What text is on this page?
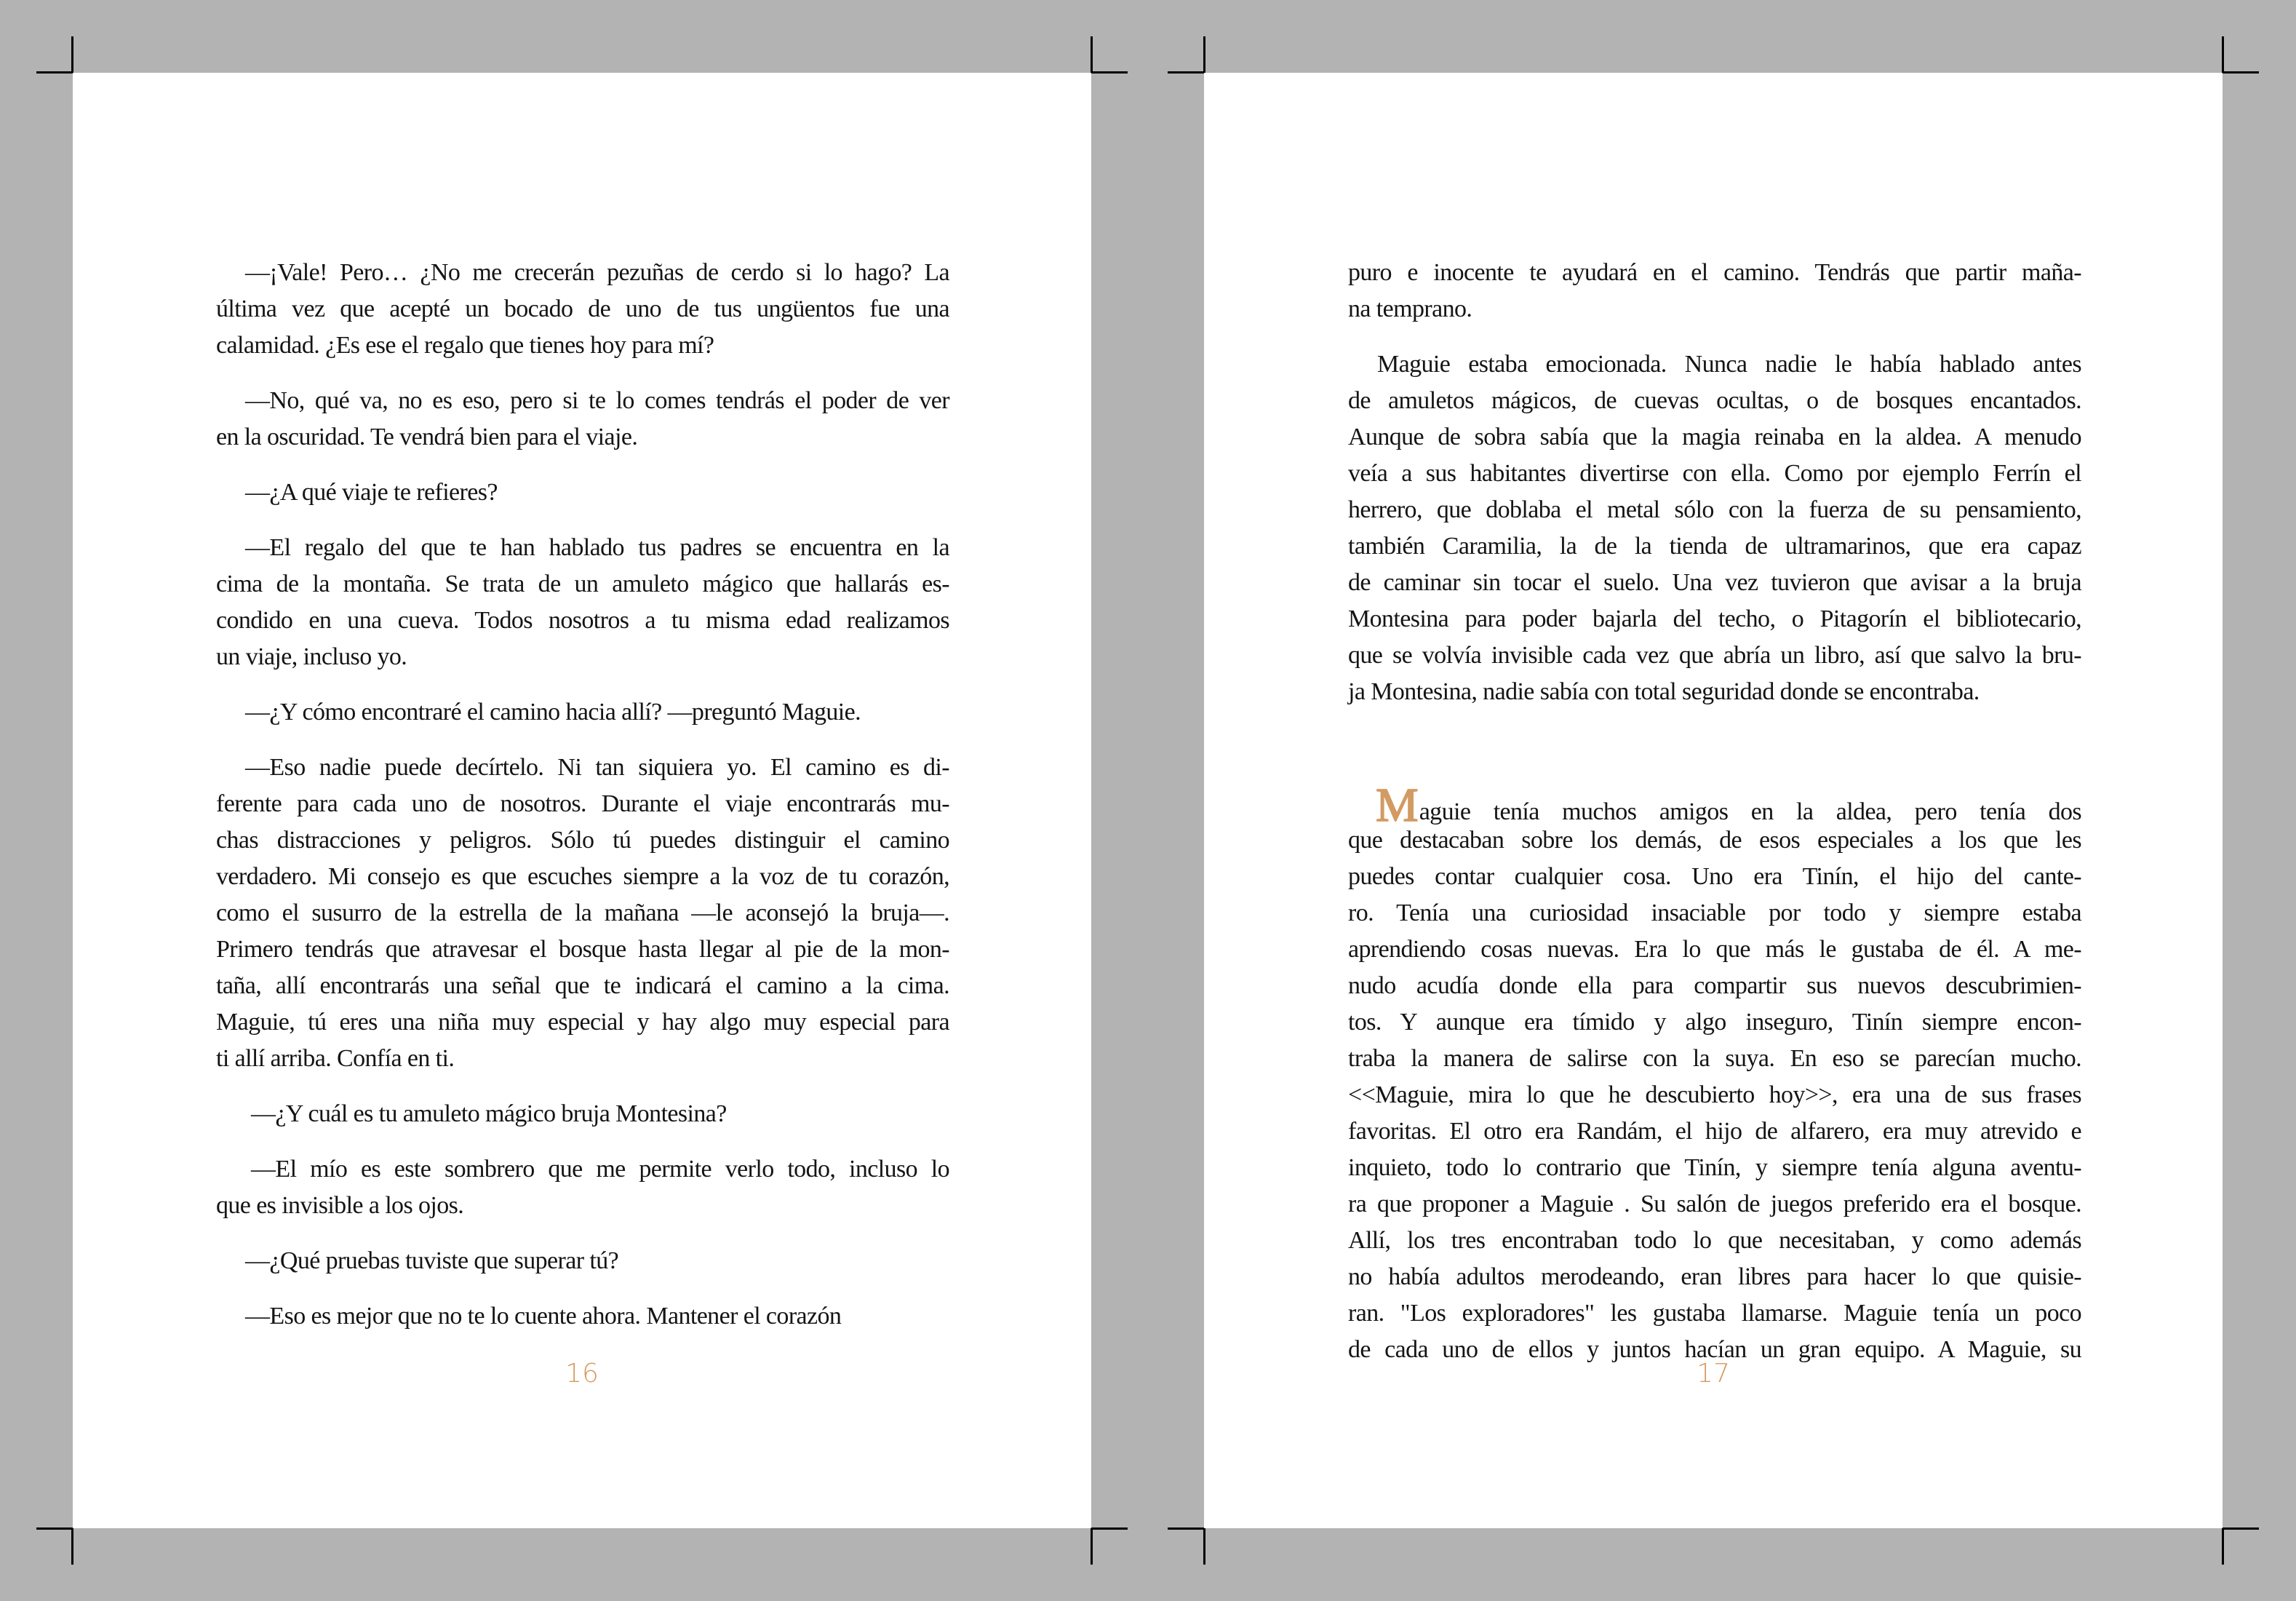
—¡Vale! Pero… ¿No me crecerán pezuñas de cerdo si lo hago? La
última vez que acepté un bocado de uno de tus ungüentos fue una
calamidad. ¿Es ese el regalo que tienes hoy para mí?
—No, qué va, no es eso, pero si te lo comes tendrás el poder de ver
en la oscuridad. Te vendrá bien para el viaje.
—¿A qué viaje te refieres?
—El regalo del que te han hablado tus padres se encuentra en la
cima de la montaña. Se trata de un amuleto mágico que hallarás es-
condido en una cueva. Todos nosotros a tu misma edad realizamos
un viaje, incluso yo.
—¿Y cómo encontraré el camino hacia allí? —preguntó Maguie.
—Eso nadie puede decírtelo. Ni tan siquiera yo. El camino es di-
ferente para cada uno de nosotros. Durante el viaje encontrarás mu-
chas distracciones y peligros. Sólo tú puedes distinguir el camino
verdadero. Mi consejo es que escuches siempre a la voz de tu corazón,
como el susurro de la estrella de la mañana —le aconsejó la bruja—.
Primero tendrás que atravesar el bosque hasta llegar al pie de la mon-
taña, allí encontrarás una señal que te indicará el camino a la cima.
Maguie, tú eres una niña muy especial y hay algo muy especial para
ti allí arriba. Confía en ti.
—¿Y cuál es tu amuleto mágico bruja Montesina?
—El mío es este sombrero que me permite verlo todo, incluso lo
que es invisible a los ojos.
—¿Qué pruebas tuviste que superar tú?
—Eso es mejor que no te lo cuente ahora. Mantener el corazón
16
puro e inocente te ayudará en el camino. Tendrás que partir maña-
na temprano.
Maguie estaba emocionada. Nunca nadie le había hablado antes
de amuletos mágicos, de cuevas ocultas, o de bosques encantados.
Aunque de sobra sabía que la magia reinaba en la aldea. A menudo
veía a sus habitantes divertirse con ella. Como por ejemplo Ferrín el
herrero, que doblaba el metal sólo con la fuerza de su pensamiento,
también Caramilia, la de la tienda de ultramarinos, que era capaz
de caminar sin tocar el suelo. Una vez tuvieron que avisar a la bruja
Montesina para poder bajarla del techo, o Pitagorín el bibliotecario,
que se volvía invisible cada vez que abría un libro, así que salvo la bru-
ja Montesina, nadie sabía con total seguridad donde se encontraba.
Maguie tenía muchos amigos en la aldea, pero tenía dos
que destacaban sobre los demás, de esos especiales a los que les
puedes contar cualquier cosa. Uno era Tinín, el hijo del cante-
ro. Tenía una curiosidad insaciable por todo y siempre estaba
aprendiendo cosas nuevas. Era lo que más le gustaba de él. A me-
nudo acudía donde ella para compartir sus nuevos descubrimien-
tos. Y aunque era tímido y algo inseguro, Tinín siempre encon-
traba la manera de salirse con la suya. En eso se parecían mucho.
<<Maguie, mira lo que he descubierto hoy>>, era una de sus frases
favoritas. El otro era Randám, el hijo de alfarero, era muy atrevido e
inquieto, todo lo contrario que Tinín, y siempre tenía alguna aventu-
ra que proponer a Maguie . Su salón de juegos preferido era el bosque.
Allí, los tres encontraban todo lo que necesitaban, y como además
no había adultos merodeando, eran libres para hacer lo que quisie-
ran. "Los exploradores" les gustaba llamarse. Maguie tenía un poco
de cada uno de ellos y juntos hacían un gran equipo. A Maguie, su
17
